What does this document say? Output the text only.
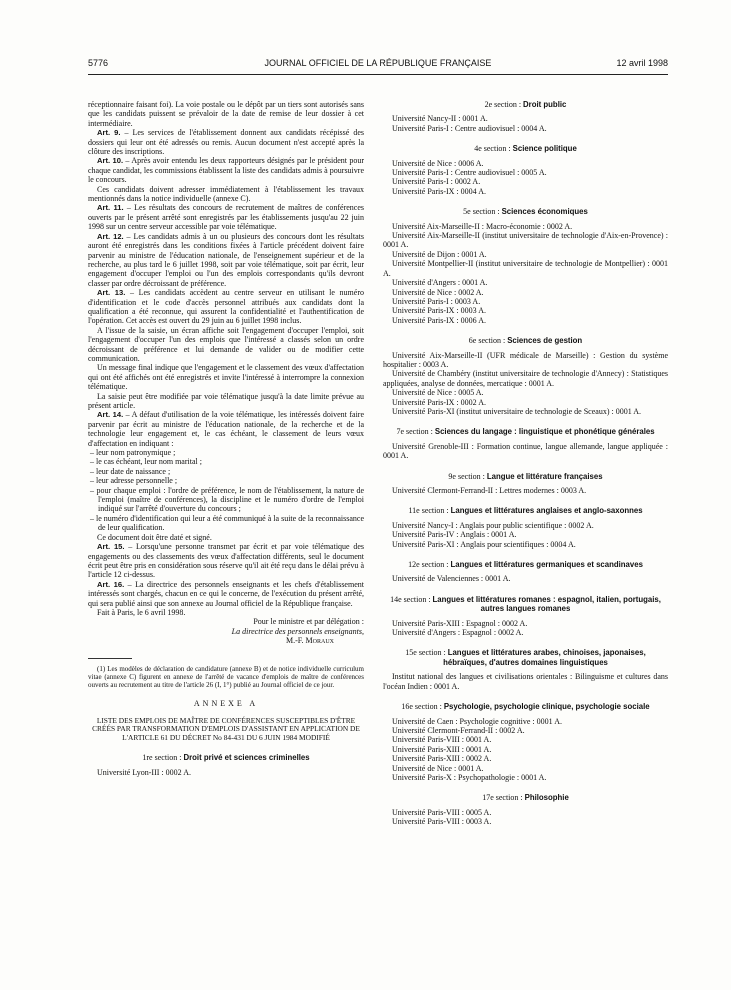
5776	JOURNAL OFFICIEL DE LA RÉPUBLIQUE FRANÇAISE	12 avril 1998

réceptionnaire faisant foi). La voie postale ou le dépôt par un tiers sont autorisés sans que les candidats puissent se prévaloir de la date de remise de leur dossier à cet intermédiaire.

Art. 9. – Les services de l'établissement donnent aux candidats récépissé des dossiers qui leur ont été adressés ou remis. Aucun document n'est accepté après la clôture des inscriptions.

Art. 10. – Après avoir entendu les deux rapporteurs désignés par le président pour chaque candidat, les commissions établissent la liste des candidats admis à poursuivre le concours.

Ces candidats doivent adresser immédiatement à l'établissement les travaux mentionnés dans la notice individuelle (annexe C).

Art. 11. – Les résultats des concours de recrutement de maîtres de conférences ouverts par le présent arrêté sont enregistrés par les établissements jusqu'au 22 juin 1998 sur un centre serveur accessible par voie télématique.

Art. 12. – Les candidats admis à un ou plusieurs des concours dont les résultats auront été enregistrés dans les conditions fixées à l'article précédent doivent faire parvenir au ministre de l'éducation nationale, de l'enseignement supérieur et de la recherche, au plus tard le 6 juillet 1998, soit par voie télématique, soit par écrit, leur engagement d'occuper l'emploi ou l'un des emplois correspondants qu'ils devront classer par ordre décroissant de préférence.

Art. 13. – Les candidats accèdent au centre serveur en utilisant le numéro d'identification et le code d'accès personnel attribués aux candidats dont la qualification a été reconnue, qui assurent la confidentialité et l'authentification de l'opération. Cet accès est ouvert du 29 juin au 6 juillet 1998 inclus.

A l'issue de la saisie, un écran affiche soit l'engagement d'occuper l'emploi, soit l'engagement d'occuper l'un des emplois que l'intéressé a classés selon un ordre décroissant de préférence et lui demande de valider ou de modifier cette communication.

Un message final indique que l'engagement et le classement des vœux d'affectation qui ont été affichés ont été enregistrés et invite l'intéressé à interrompre la connexion télématique.

La saisie peut être modifiée par voie télématique jusqu'à la date limite prévue au présent article.

Art. 14. – A défaut d'utilisation de la voie télématique, les intéressés doivent faire parvenir par écrit au ministre de l'éducation nationale, de la recherche et de la technologie leur engagement et, le cas échéant, le classement de leurs vœux d'affectation en indiquant :

– leur nom patronymique ;

– le cas échéant, leur nom marital ;

– leur date de naissance ;

– leur adresse personnelle ;

– pour chaque emploi : l'ordre de préférence, le nom de l'établissement, la nature de l'emploi (maître de conférences), la discipline et le numéro d'ordre de l'emploi indiqué sur l'arrêté d'ouverture du concours ;

– le numéro d'identification qui leur a été communiqué à la suite de la reconnaissance de leur qualification.

Ce document doit être daté et signé.

Art. 15. – Lorsqu'une personne transmet par écrit et par voie télématique des engagements ou des classements des vœux d'affectation différents, seul le document écrit peut être pris en considération sous réserve qu'il ait été reçu dans le délai prévu à l'article 12 ci-dessus.

Art. 16. – La directrice des personnels enseignants et les chefs d'établissement intéressés sont chargés, chacun en ce qui le concerne, de l'exécution du présent arrêté, qui sera publié ainsi que son annexe au Journal officiel de la République française.

Fait à Paris, le 6 avril 1998.

Pour le ministre et par délégation :

La directrice des personnels enseignants,

M.-F. Moraux

(1) Les modèles de déclaration de candidature (annexe B) et de notice individuelle curriculum vitae (annexe C) figurent en annexe de l'arrêté de vacance d'emplois de maître de conférences ouverts au recrutement au titre de l'article 26 (I, 1°) publié au Journal officiel de ce jour.

ANNEXE A

LISTE DES EMPLOIS DE MAÎTRE DE CONFÉRENCES SUSCEPTIBLES D'ÊTRE CRÉÉS PAR TRANSFORMATION D'EMPLOIS D'ASSISTANT EN APPLICATION DE L'ARTICLE 61 DU DÉCRET No 84-431 DU 6 JUIN 1984 MODIFIÉ

1re section : Droit privé et sciences criminelles

Université Lyon-III : 0002 A.

2e section : Droit public

Université Nancy-II : 0001 A.

Université Paris-I : Centre audiovisuel : 0004 A.

4e section : Science politique

Université de Nice : 0006 A.

Université Paris-I : Centre audiovisuel : 0005 A.

Université Paris-I : 0002 A.

Université Paris-IX : 0004 A.

5e section : Sciences économiques

Université Aix-Marseille-II : Macro-économie : 0002 A.

Université Aix-Marseille-II (institut universitaire de technologie d'Aix-en-Provence) : 0001 A.

Université de Dijon : 0001 A.

Université Montpellier-II (institut universitaire de technologie de Montpellier) : 0001 A.

Université d'Angers : 0001 A.

Université de Nice : 0002 A.

Université Paris-I : 0003 A.

Université Paris-IX : 0003 A.

Université Paris-IX : 0006 A.

6e section : Sciences de gestion

Université Aix-Marseille-II (UFR médicale de Marseille) : Gestion du système hospitalier : 0003 A.

Université de Chambéry (institut universitaire de technologie d'Annecy) : Statistiques appliquées, analyse de données, mercatique : 0001 A.

Université de Nice : 0005 A.

Université Paris-IX : 0002 A.

Université Paris-XI (institut universitaire de technologie de Sceaux) : 0001 A.

7e section : Sciences du langage : linguistique et phonétique générales

Université Grenoble-III : Formation continue, langue allemande, langue appliquée : 0001 A.

9e section : Langue et littérature françaises

Université Clermont-Ferrand-II : Lettres modernes : 0003 A.

11e section : Langues et littératures anglaises et anglo-saxonnes

Université Nancy-I : Anglais pour public scientifique : 0002 A.

Université Paris-IV : Anglais : 0001 A.

Université Paris-XI : Anglais pour scientifiques : 0004 A.

12e section : Langues et littératures germaniques et scandinaves

Université de Valenciennes : 0001 A.

14e section : Langues et littératures romanes : espagnol, italien, portugais, autres langues romanes

Université Paris-XIII : Espagnol : 0002 A.

Université d'Angers : Espagnol : 0002 A.

15e section : Langues et littératures arabes, chinoises, japonaises, hébraïques, d'autres domaines linguistiques

Institut national des langues et civilisations orientales : Bilinguisme et cultures dans l'océan Indien : 0001 A.

16e section : Psychologie, psychologie clinique, psychologie sociale

Université de Caen : Psychologie cognitive : 0001 A.

Université Clermont-Ferrand-II : 0002 A.

Université Paris-VIII : 0001 A.

Université Paris-XIII : 0001 A.

Université Paris-XIII : 0002 A.

Université de Nice : 0001 A.

Université Paris-X : Psychopathologie : 0001 A.

17e section : Philosophie

Université Paris-VIII : 0005 A.

Université Paris-VIII : 0003 A.
